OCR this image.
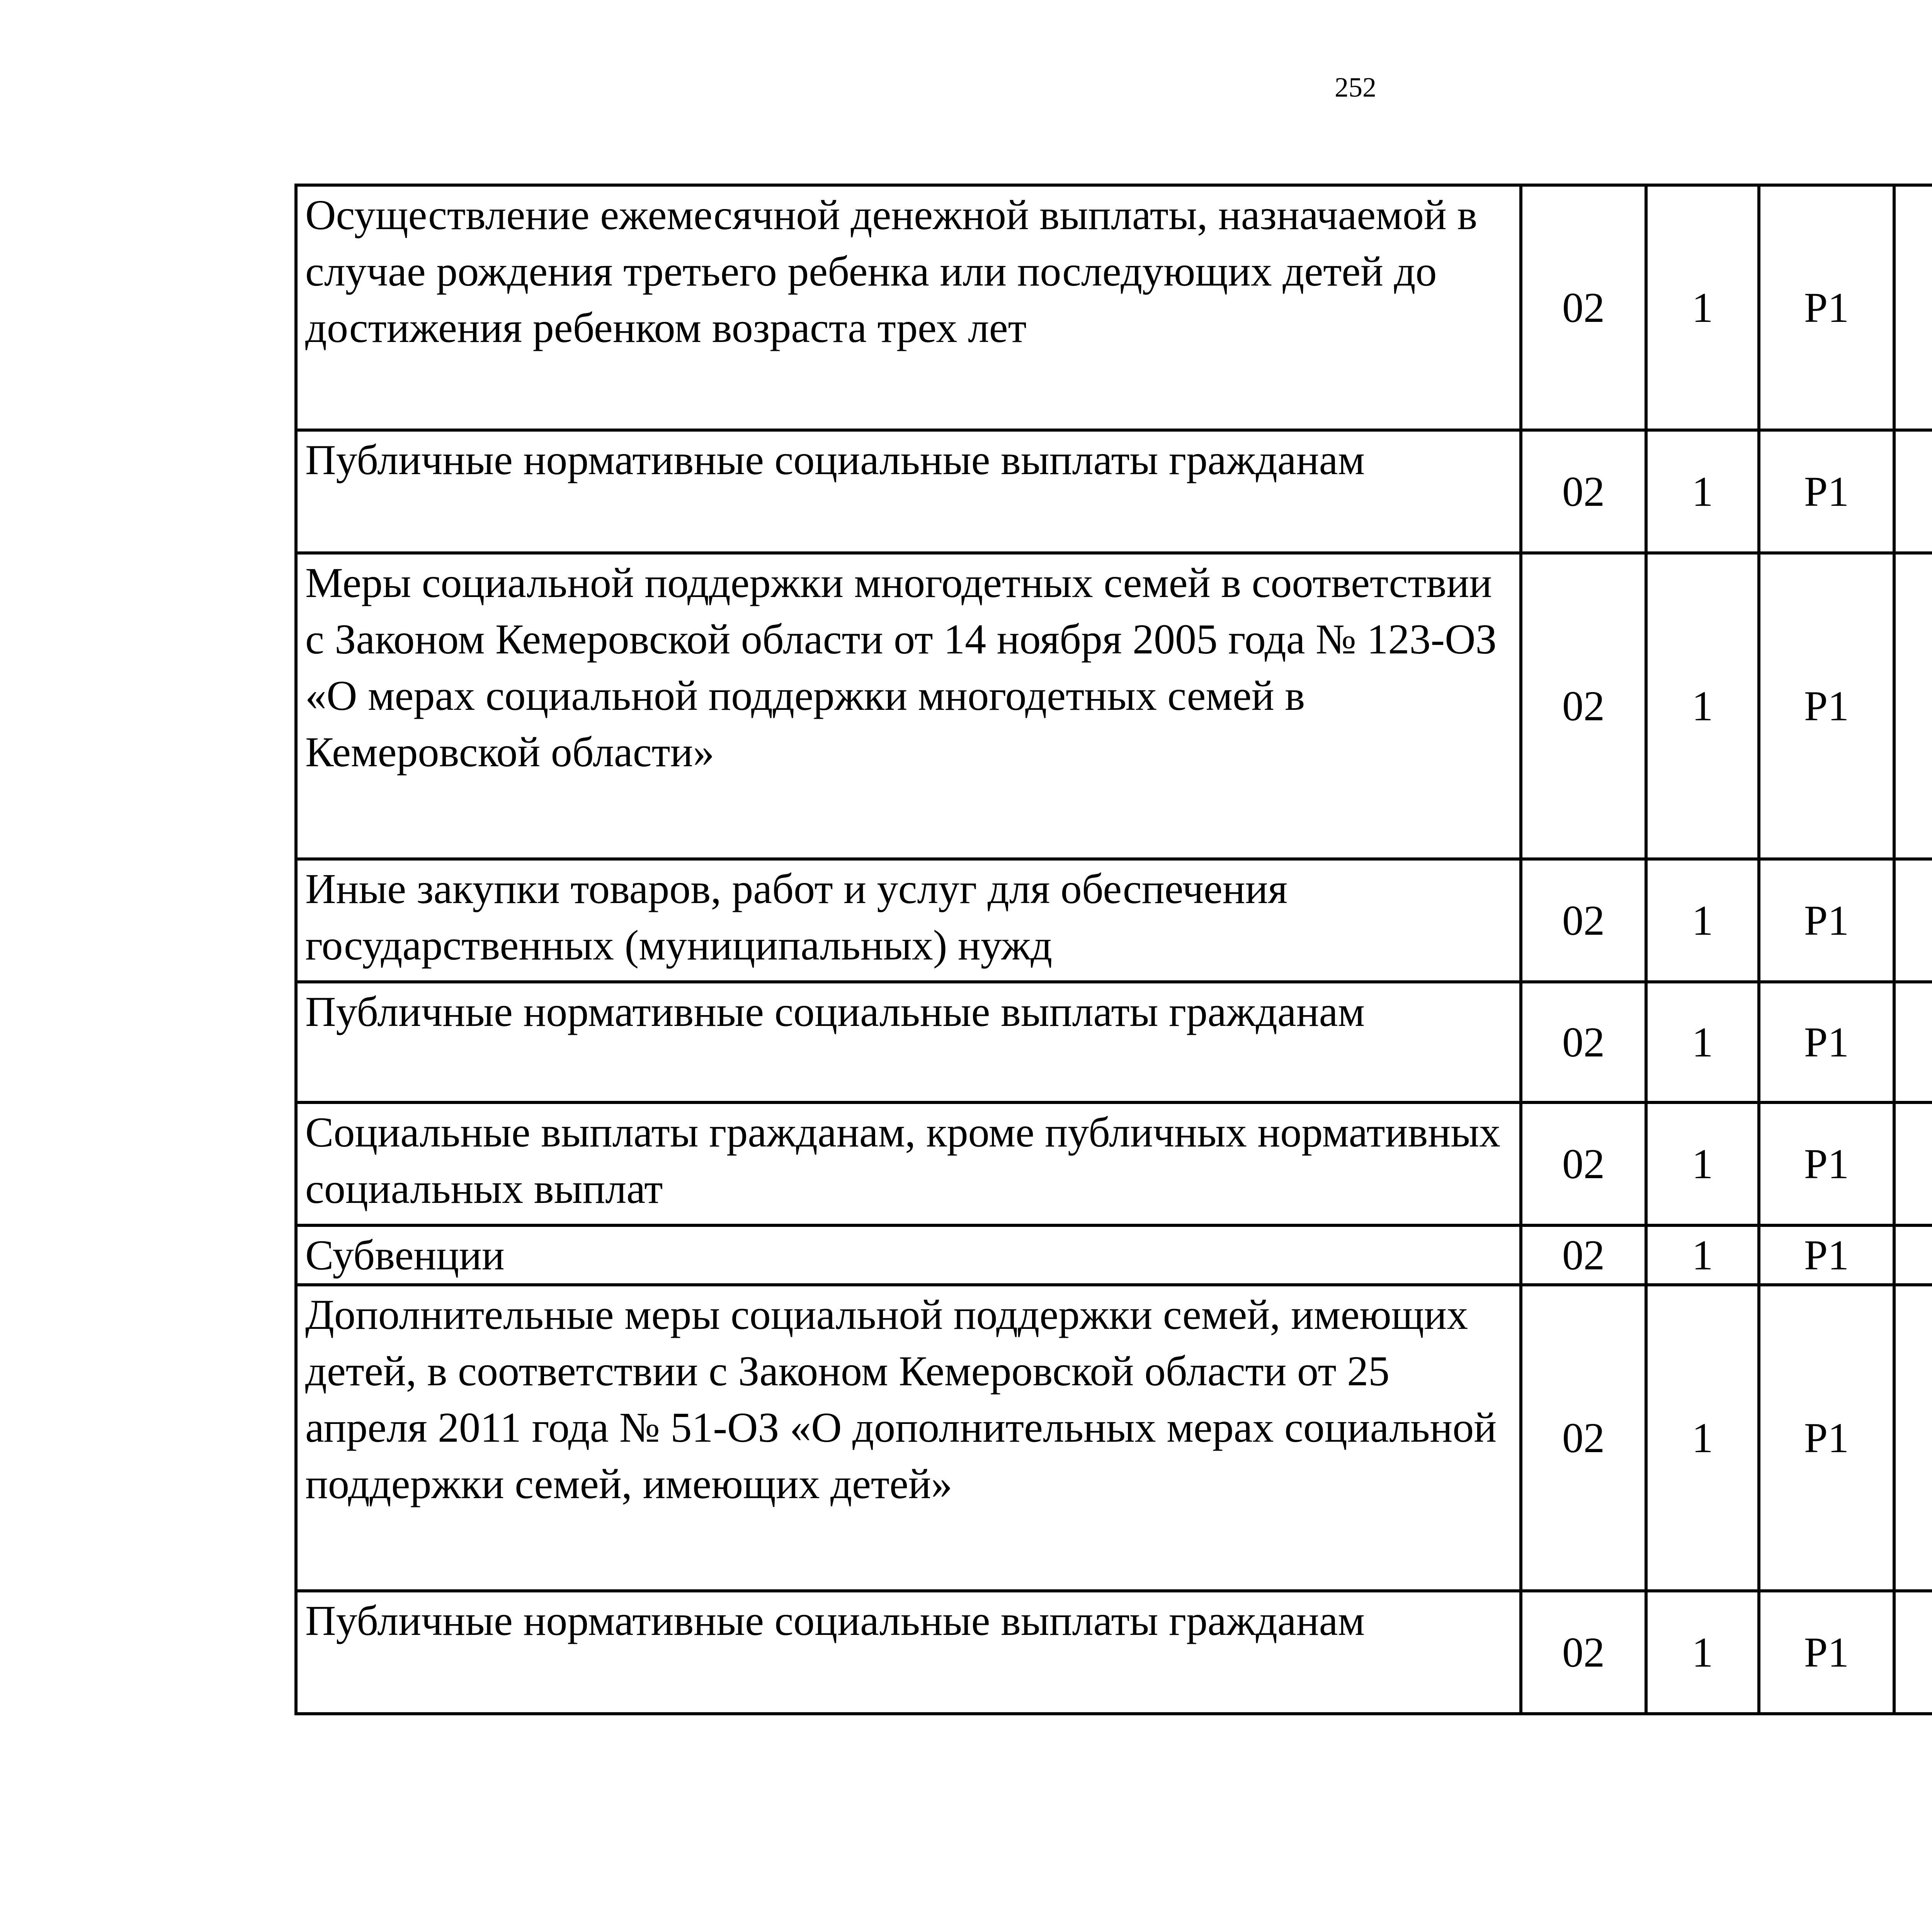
252
Осуществление ежемесячной денежной выплаты, назначаемой в случае рождения третьего ребенка или последующих детей до достижения ребенком возраста трех лет	02	1	P1			
Публичные нормативные социальные выплаты гражданам	02	1	P1			
Меры социальной поддержки многодетных семей в соответствии с Законом Кемеровской области от 14 ноября 2005 года № 123-ОЗ «О мерах социальной поддержки многодетных семей в Кемеровской области»	02	1	P1			
Иные закупки товаров, работ и услуг для обеспечения государственных (муниципальных) нужд	02	1	P1			
Публичные нормативные социальные выплаты гражданам	02	1	P1			
Социальные выплаты гражданам, кроме публичных нормативных социальных выплат	02	1	P1			
Субвенции	02	1	P1			
Дополнительные меры социальной поддержки семей, имеющих детей, в соответствии с Законом Кемеровской области от 25 апреля 2011 года № 51-ОЗ «О дополнительных мерах социальной поддержки семей, имеющих детей»	02	1	P1			
Публичные нормативные социальные выплаты гражданам	02	1	P1			
